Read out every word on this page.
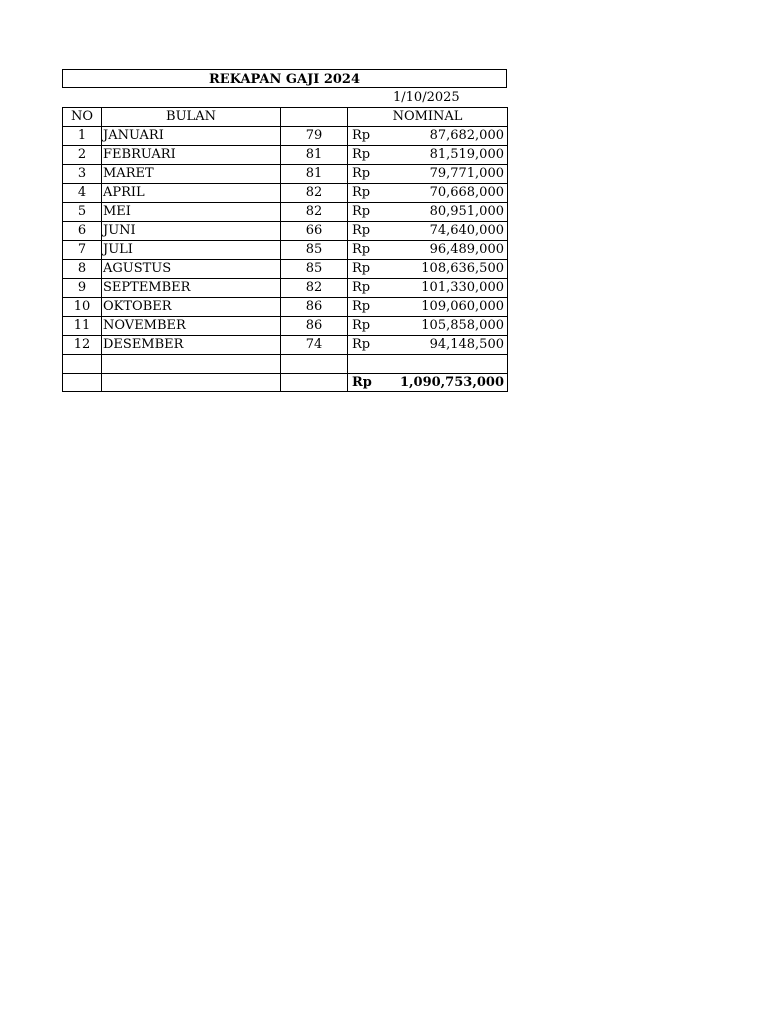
REKAPAN GAJI 2024
1/10/2025
NO	BULAN		NOMINAL
1	JANUARI	79	Rp 87,682,000

2	FEBRUARI	81	Rp 81,519,000

3	MARET	81	Rp 79,771,000

4	APRIL	82	Rp 70,668,000

5	MEI	82	Rp 80,951,000

6	JUNI	66	Rp 74,640,000

7	JULI	85	Rp 96,489,000

8	AGUSTUS	85	Rp 108,636,500

9	SEPTEMBER	82	Rp 101,330,000

10	OKTOBER	86	Rp 109,060,000

11	NOVEMBER	86	Rp 105,858,000

12	DESEMBER	74	Rp 94,148,500

			Rp 1,090,753,000
